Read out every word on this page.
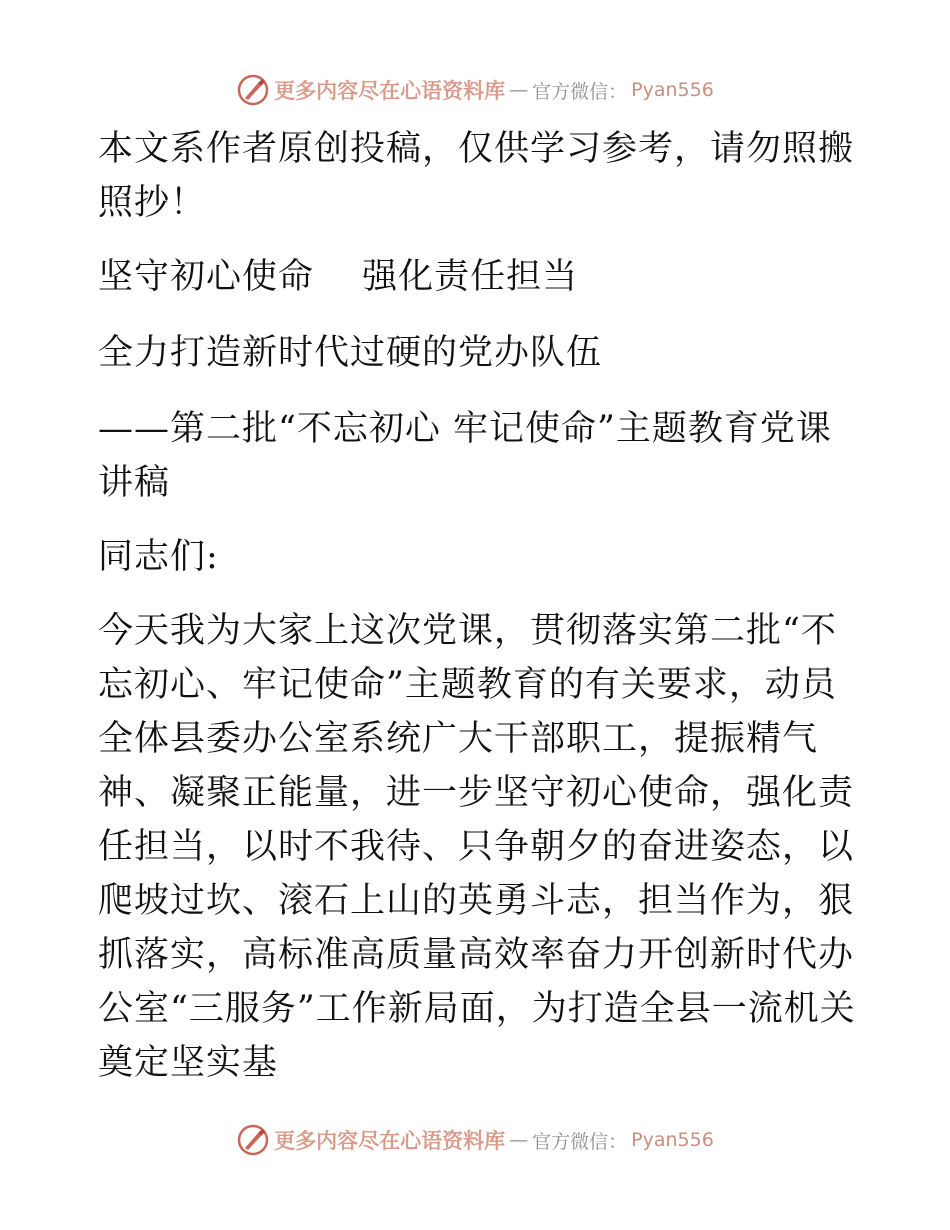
更多内容尽在心语资料库 — 官方微信： Pyan556

本文系作者原创投稿，仅供学习参考，请勿照搬照抄！

坚守初心使命　 强化责任担当

全力打造新时代过硬的党办队伍

——第二批“不忘初心 牢记使命”主题教育党课讲稿

同志们:

今天我为大家上这次党课，贯彻落实第二批“不忘初心、牢记使命”主题教育的有关要求，动员全体县委办公室系统广大干部职工，提振精气神、凝聚正能量，进一步坚守初心使命，强化责任担当，以时不我待、只争朝夕的奋进姿态，以爬坡过坎、滚石上山的英勇斗志，担当作为，狠抓落实，高标准高质量高效率奋力开创新时代办公室“三服务”工作新局面，为打造全县一流机关奠定坚实基

更多内容尽在心语资料库 — 官方微信： Pyan556
